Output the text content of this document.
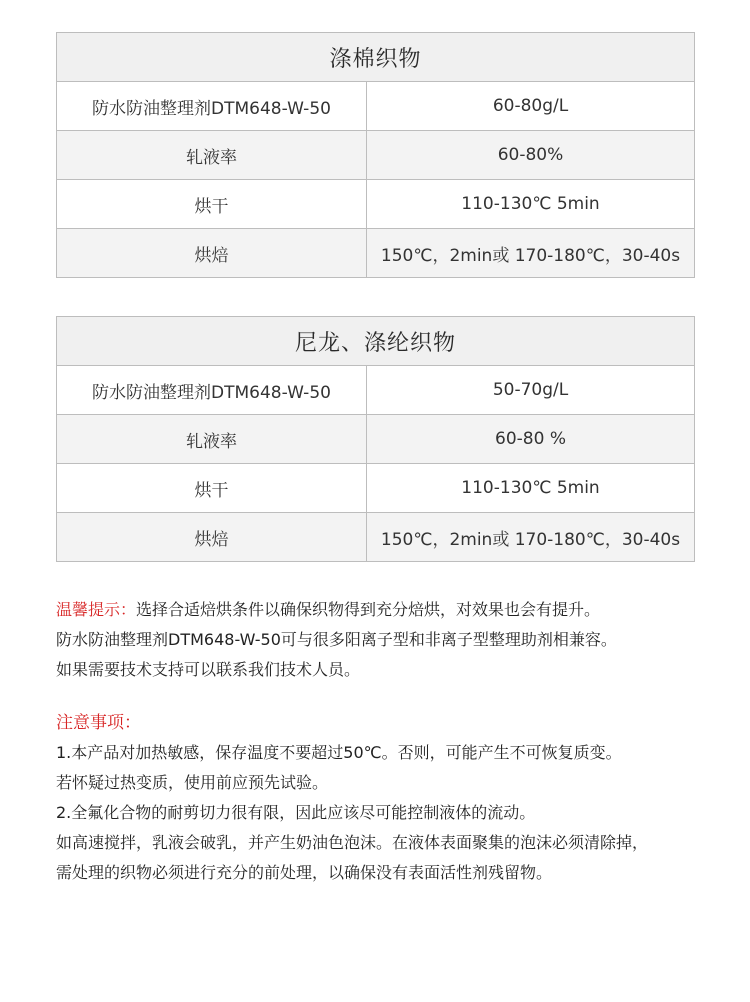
涤棉织物	
防水防油整理剂DTM648-W-50	60-80g/L
轧液率	60-80%
烘干	110-130℃ 5min
烘焙	150℃，2min或 170-180℃，30-40s
尼龙、涤纶织物	
防水防油整理剂DTM648-W-50	50-70g/L
轧液率	60-80 %
烘干	110-130℃ 5min
烘焙	150℃，2min或 170-180℃，30-40s

温馨提示：选择合适焙烘条件以确保织物得到充分焙烘，对效果也会有提升。

防水防油整理剂DTM648-W-50可与很多阳离子型和非离子型整理助剂相兼容。

如果需要技术支持可以联系我们技术人员。

注意事项：

1.本产品对加热敏感，保存温度不要超过50℃。否则，可能产生不可恢复质变。

若怀疑过热变质，使用前应预先试验。

2.全氟化合物的耐剪切力很有限，因此应该尽可能控制液体的流动。

如高速搅拌，乳液会破乳，并产生奶油色泡沫。在液体表面聚集的泡沫必须清除掉，

需处理的织物必须进行充分的前处理，以确保没有表面活性剂残留物。
